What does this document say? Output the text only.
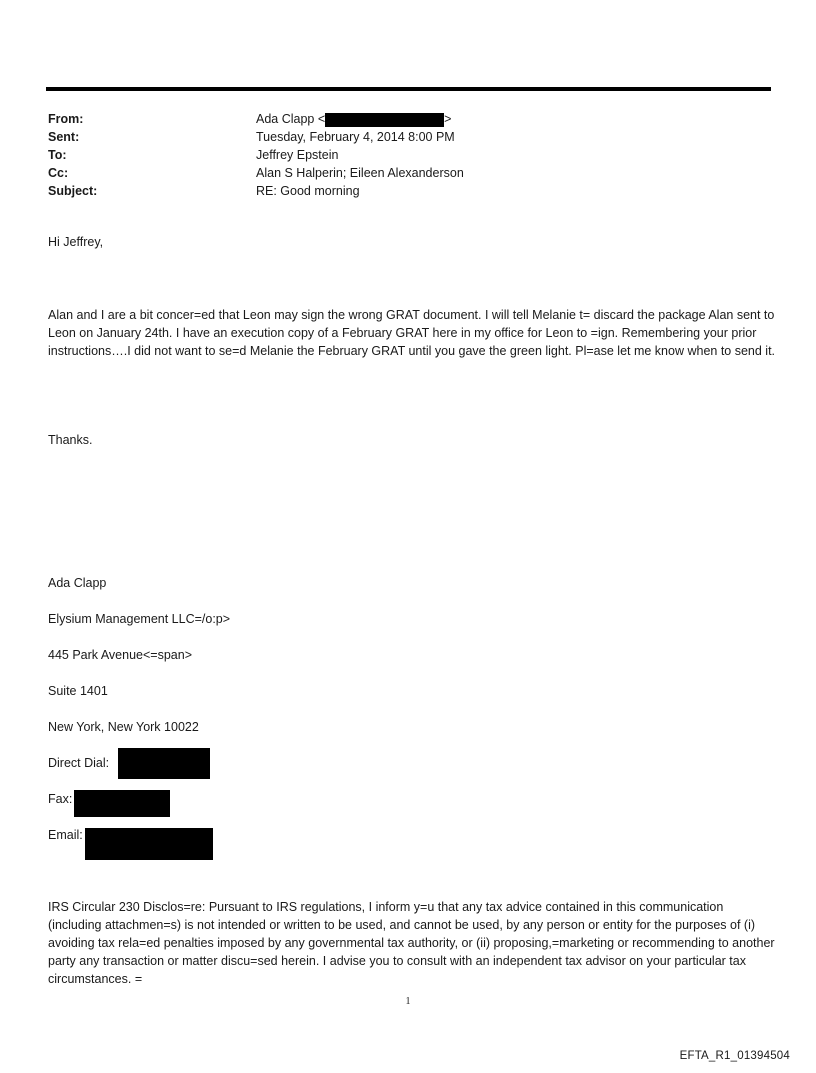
From:	Ada Clapp <	>
Sent:	Tuesday, February 4, 2014 8:00 PM
To:	Jeffrey Epstein
Cc:	Alan S Halperin; Eileen Alexanderson
Subject:	RE: Good morning

Hi Jeffrey,

Alan and I are a bit concer=ed that Leon may sign the wrong GRAT document. I will tell Melanie t= discard the package Alan sent to Leon on January 24th. I have an execution copy of a February GRAT here in my office for Leon to =ign. Remembering your prior instructions….I did not want to se=d Melanie the February GRAT until you gave the green light. Pl=ase let me know when to send it.

Thanks.

Ada Clapp
Elysium Management LLC=/o:p>
445 Park Avenue<=span>
Suite 1401
New York, New York 10022
Direct Dial:
Fax:
Email:

IRS Circular 230 Disclos=re: Pursuant to IRS regulations, I inform y=u that any tax advice contained in this communication (including attachmen=s) is not intended or written to be used, and cannot be used, by any person or entity for the purposes of (i) avoiding tax rela=ed penalties imposed by any governmental tax authority, or (ii) proposing,=marketing or recommending to another party any transaction or matter discu=sed herein. I advise you to consult with an independent tax advisor on your particular tax circumstances. =

1
EFTA_R1_01394504
